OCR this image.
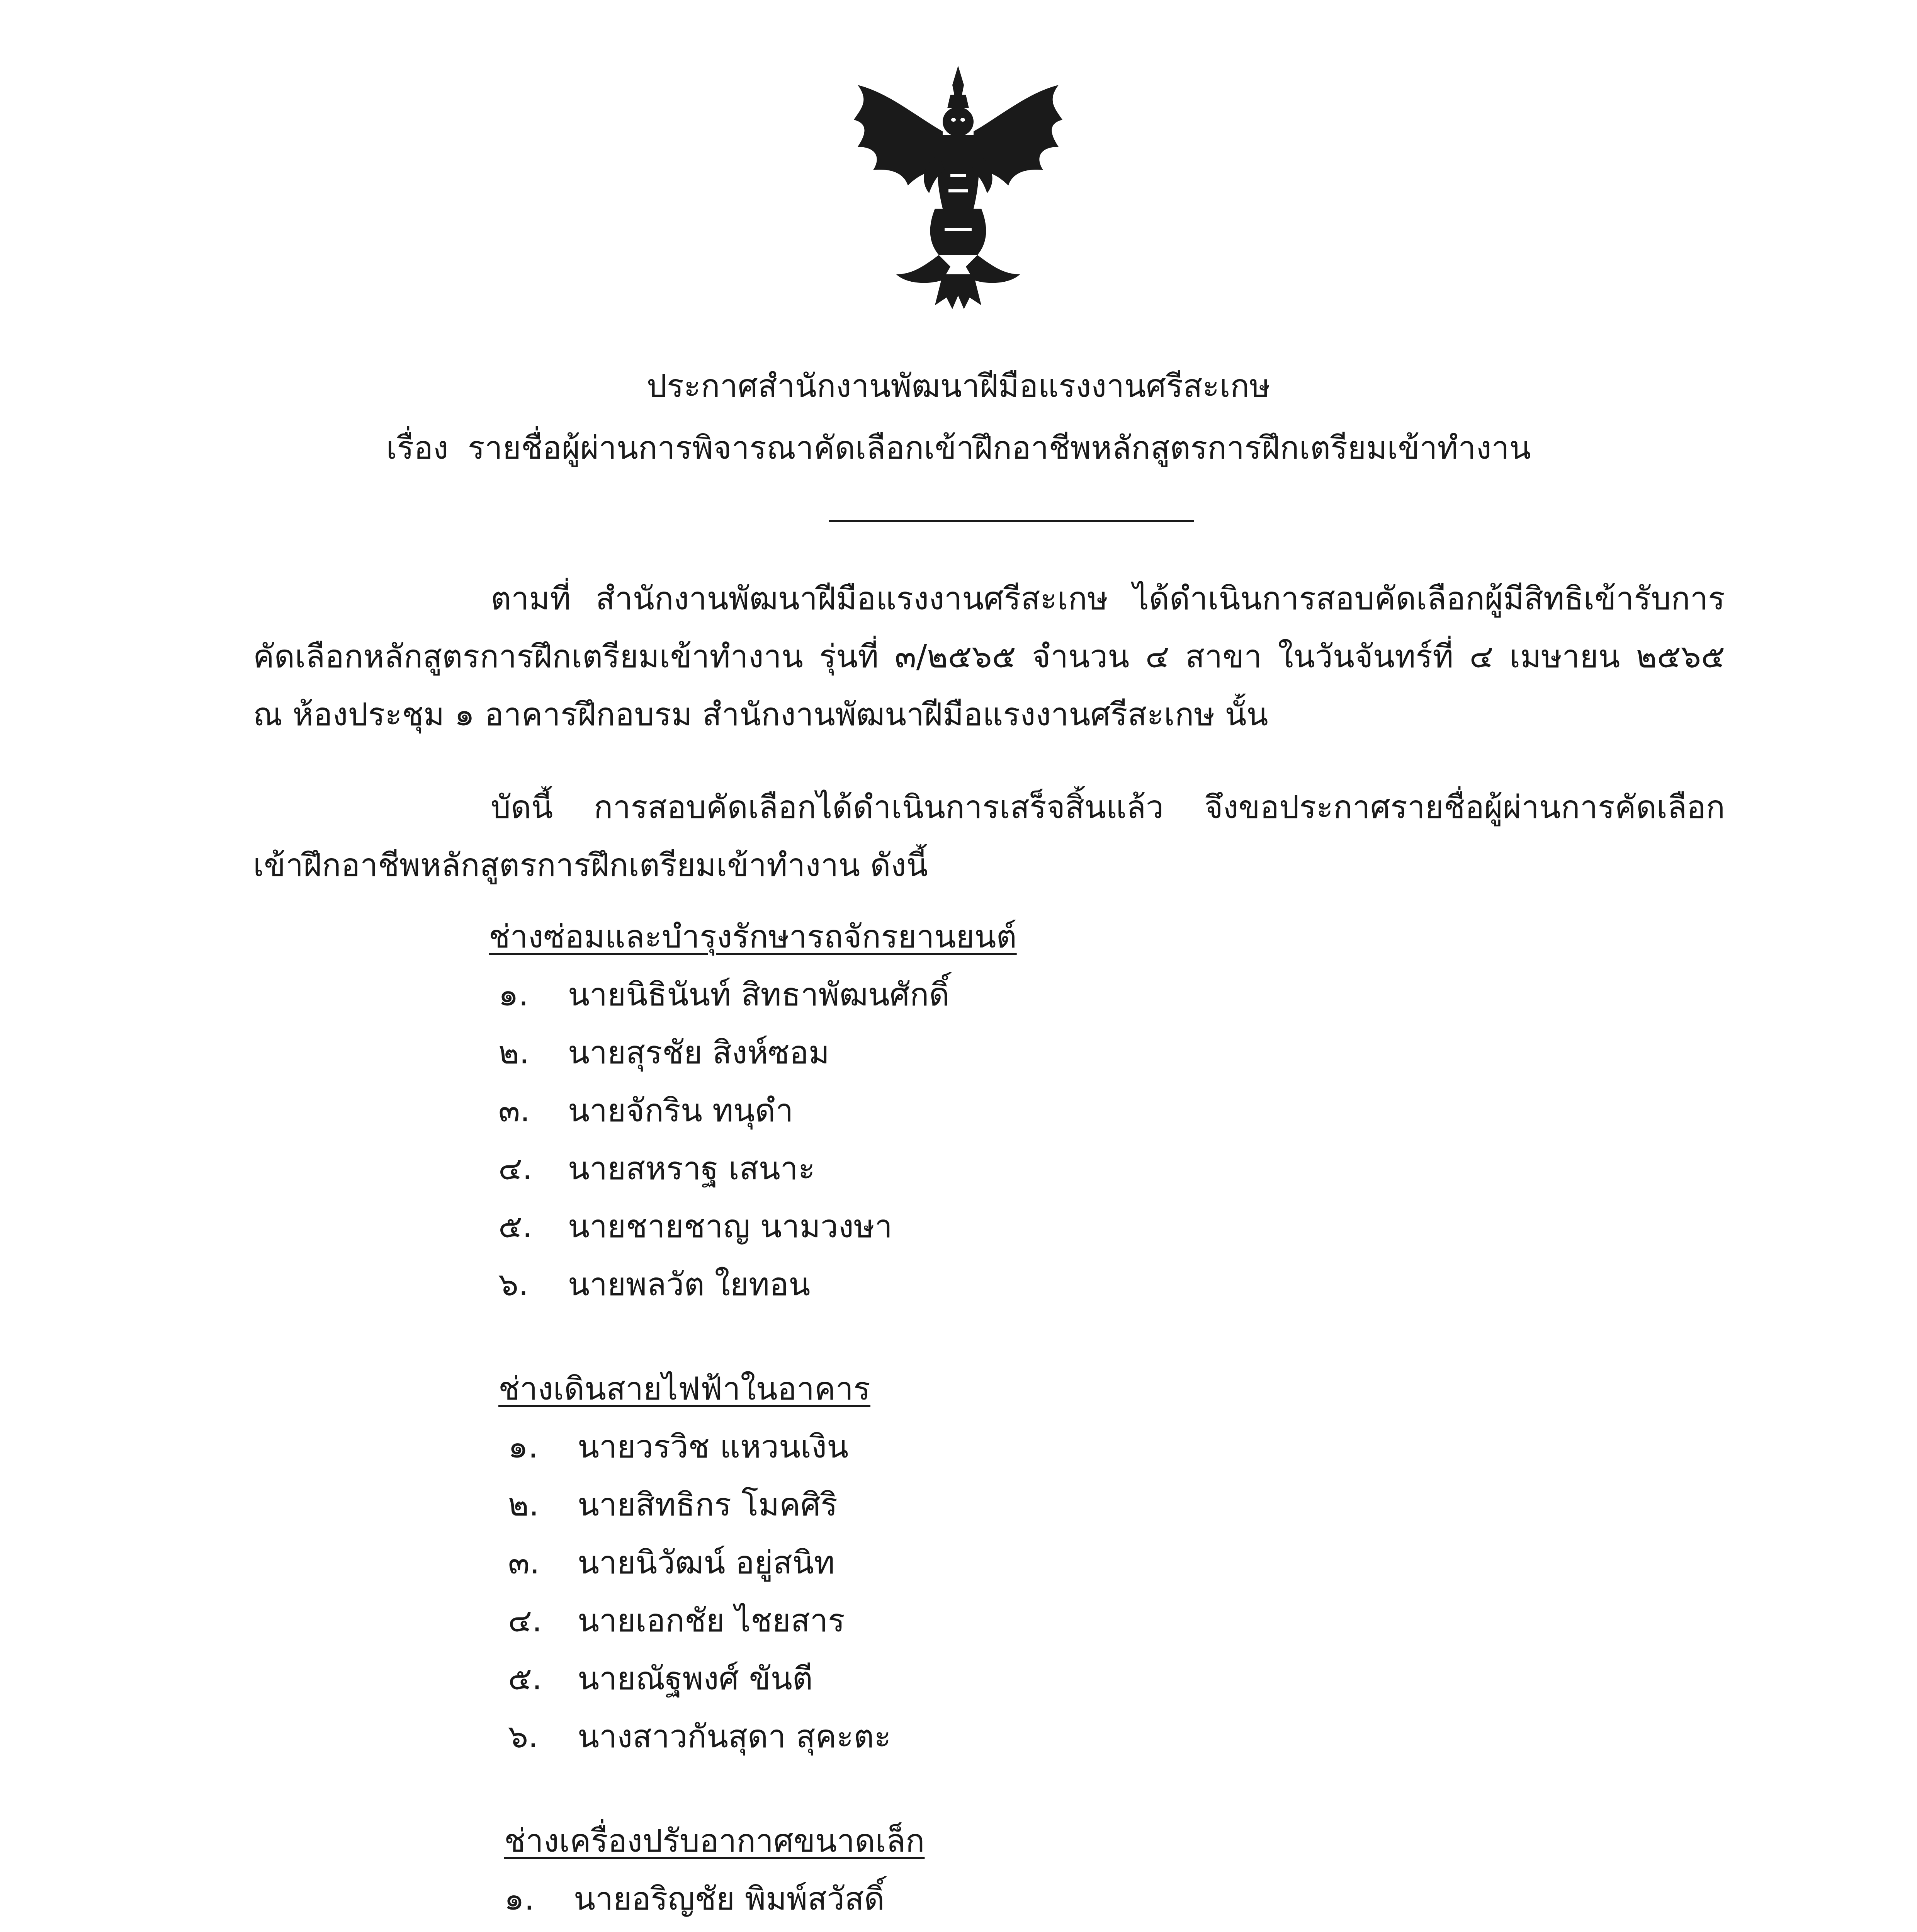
ประกาศสำนักงานพัฒนาฝีมือแรงงานศรีสะเกษ
เรื่อง รายชื่อผู้ผ่านการพิจารณาคัดเลือกเข้าฝึกอาชีพหลักสูตรการฝึกเตรียมเข้าทำงาน
ตามที่ สำนักงานพัฒนาฝีมือแรงงานศรีสะเกษ ได้ดำเนินการสอบคัดเลือกผู้มีสิทธิเข้ารับการ
คัดเลือกหลักสูตรการฝึกเตรียมเข้าทำงาน รุ่นที่ ๓/๒๕๖๕ จำนวน ๔ สาขา ในวันจันทร์ที่ ๔ เมษายน ๒๕๖๕
ณ ห้องประชุม ๑ อาคารฝึกอบรม สำนักงานพัฒนาฝีมือแรงงานศรีสะเกษ นั้น
บัดนี้ การสอบคัดเลือกได้ดำเนินการเสร็จสิ้นแล้ว จึงขอประกาศรายชื่อผู้ผ่านการคัดเลือก
เข้าฝึกอาชีพหลักสูตรการฝึกเตรียมเข้าทำงาน ดังนี้
ช่างซ่อมและบำรุงรักษารถจักรยานยนต์
๑. นายนิธินันท์ สิทธาพัฒนศักดิ์
๒. นายสุรชัย สิงห์ซอม
๓. นายจักริน ทนุดำ
๔. นายสหราฐ เสนาะ
๕. นายชายชาญ นามวงษา
๖. นายพลวัต ใยทอน
ช่างเดินสายไฟฟ้าในอาคาร
๑. นายวรวิช แหวนเงิน
๒. นายสิทธิกร โมคศิริ
๓. นายนิวัฒน์ อยู่สนิท
๔. นายเอกชัย ไชยสาร
๕. นายณัฐพงศ์ ขันตี
๖. นางสาวกันสุดา สุคะตะ
ช่างเครื่องปรับอากาศขนาดเล็ก
๑. นายอริญชัย พิมพ์สวัสดิ์
